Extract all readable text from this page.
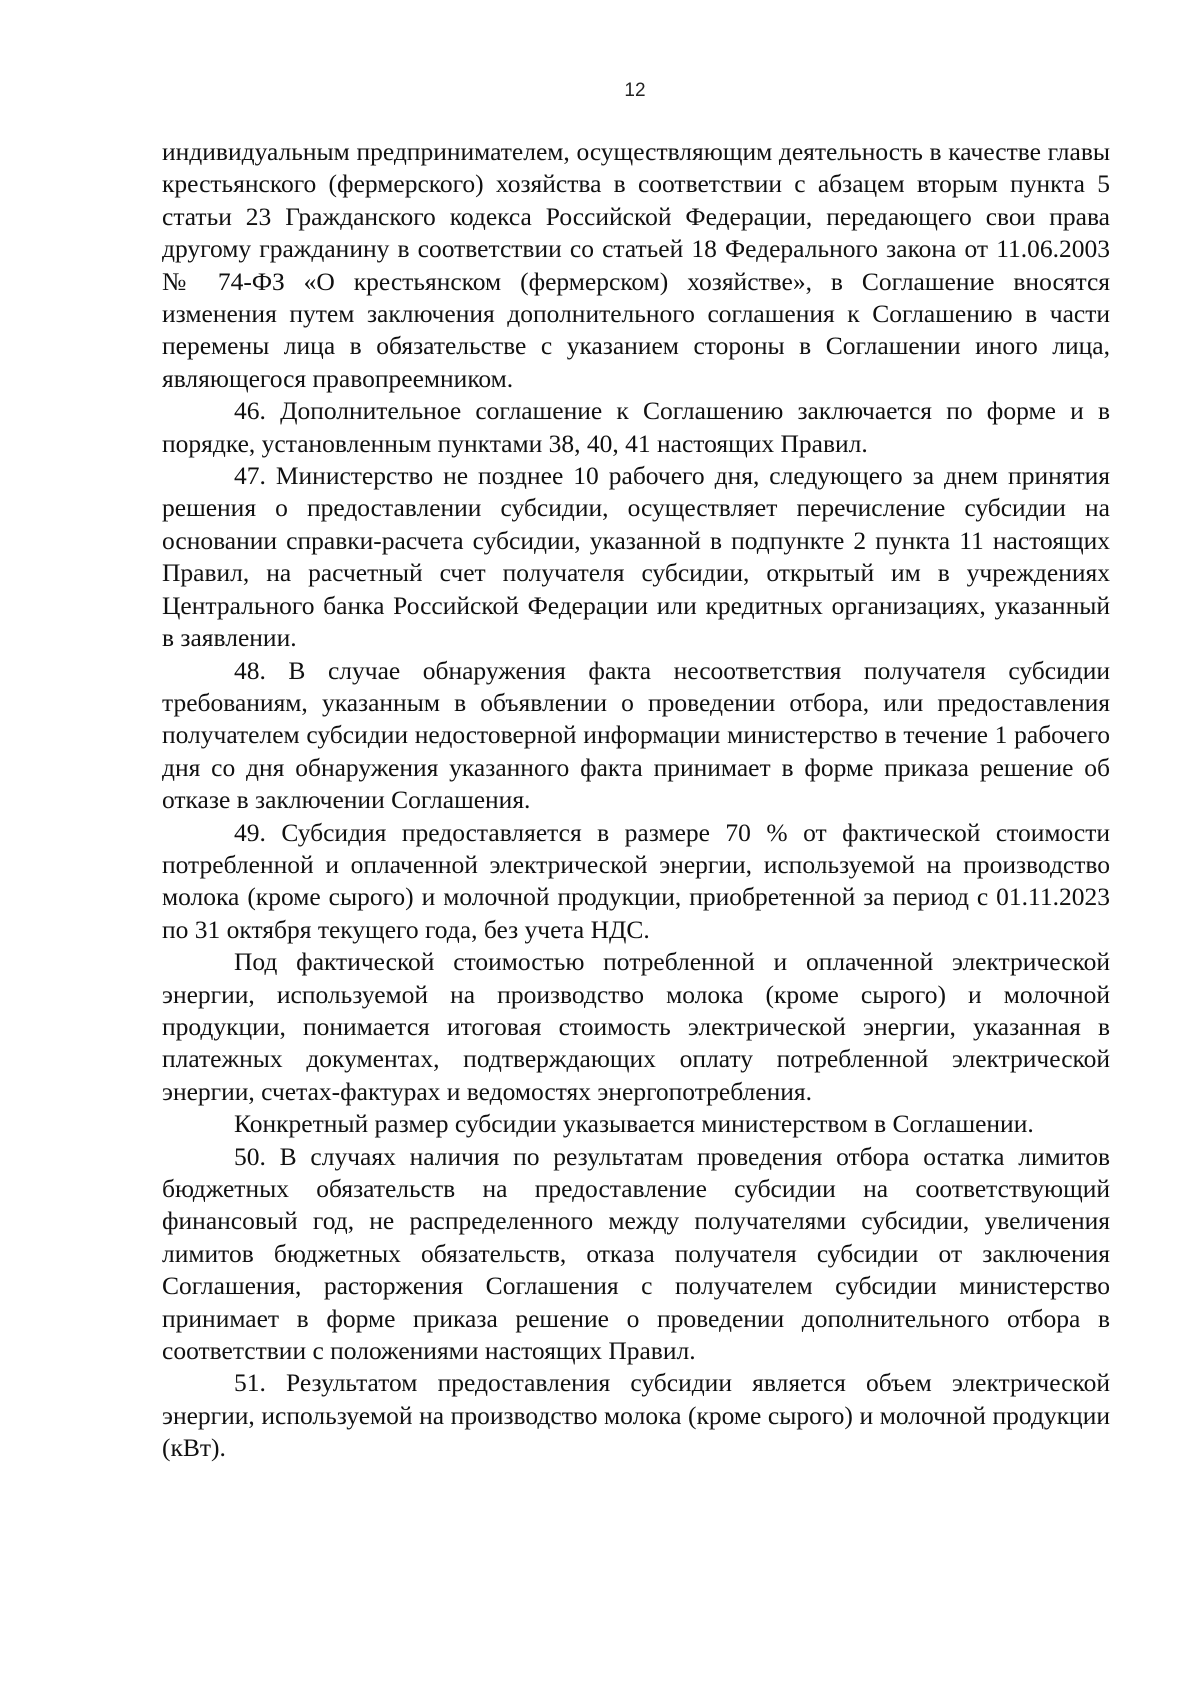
12

индивидуальным предпринимателем, осуществляющим деятельность в качестве главы крестьянского (фермерского) хозяйства в соответствии с абзацем вторым пункта 5 статьи 23 Гражданского кодекса Российской Федерации, передающего свои права другому гражданину в соответствии со статьей 18 Федерального закона от 11.06.2003 № 74-ФЗ «О крестьянском (фермерском) хозяйстве», в Соглашение вносятся изменения путем заключения дополнительного соглашения к Соглашению в части перемены лица в обязательстве с указанием стороны в Соглашении иного лица, являющегося правопреемником.

46. Дополнительное соглашение к Соглашению заключается по форме и в порядке, установленным пунктами 38, 40, 41 настоящих Правил.

47. Министерство не позднее 10 рабочего дня, следующего за днем принятия решения о предоставлении субсидии, осуществляет перечисление субсидии на основании справки-расчета субсидии, указанной в подпункте 2 пункта 11 настоящих Правил, на расчетный счет получателя субсидии, открытый им в учреждениях Центрального банка Российской Федерации или кредитных организациях, указанный в заявлении.

48. В случае обнаружения факта несоответствия получателя субсидии требованиям, указанным в объявлении о проведении отбора, или предоставления получателем субсидии недостоверной информации министерство в течение 1 рабочего дня со дня обнаружения указанного факта принимает в форме приказа решение об отказе в заключении Соглашения.

49. Субсидия предоставляется в размере 70 % от фактической стоимости потребленной и оплаченной электрической энергии, используемой на производство молока (кроме сырого) и молочной продукции, приобретенной за период с 01.11.2023 по 31 октября текущего года, без учета НДС.

Под фактической стоимостью потребленной и оплаченной электрической энергии, используемой на производство молока (кроме сырого) и молочной продукции, понимается итоговая стоимость электрической энергии, указанная в платежных документах, подтверждающих оплату потребленной электрической энергии, счетах-фактурах и ведомостях энергопотребления.

Конкретный размер субсидии указывается министерством в Соглашении.

50. В случаях наличия по результатам проведения отбора остатка лимитов бюджетных обязательств на предоставление субсидии на соответствующий финансовый год, не распределенного между получателями субсидии, увеличения лимитов бюджетных обязательств, отказа получателя субсидии от заключения Соглашения, расторжения Соглашения с получателем субсидии министерство принимает в форме приказа решение о проведении дополнительного отбора в соответствии с положениями настоящих Правил.

51. Результатом предоставления субсидии является объем электрической энергии, используемой на производство молока (кроме сырого) и молочной продукции (кВт).
